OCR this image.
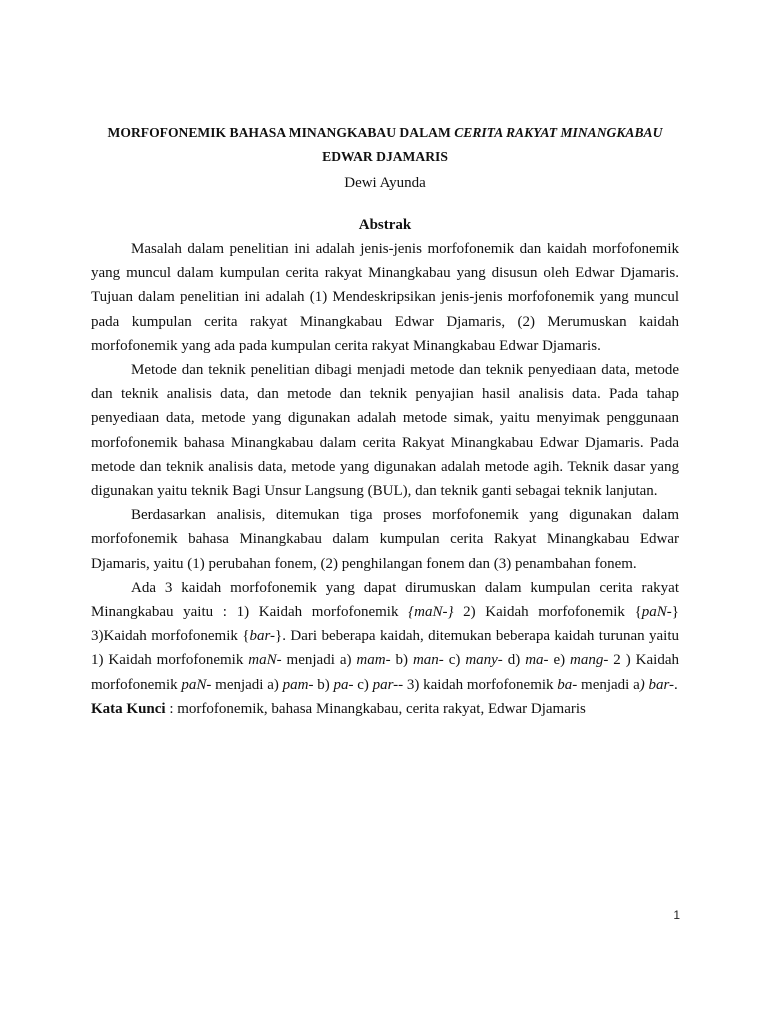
MORFOFONEMIK BAHASA MINANGKABAU DALAM CERITA RAKYAT MINANGKABAU
EDWAR DJAMARIS
Dewi Ayunda
Abstrak

Masalah dalam penelitian ini adalah jenis-jenis morfofonemik dan kaidah morfofonemik yang muncul dalam kumpulan cerita rakyat Minangkabau yang disusun oleh Edwar Djamaris. Tujuan dalam penelitian ini adalah (1) Mendeskripsikan jenis-jenis morfofonemik yang muncul pada kumpulan cerita rakyat Minangkabau Edwar Djamaris, (2) Merumuskan kaidah morfofonemik yang ada pada kumpulan cerita rakyat Minangkabau Edwar Djamaris.

Metode dan teknik penelitian dibagi menjadi metode dan teknik penyediaan data, metode dan teknik analisis data, dan metode dan teknik penyajian hasil analisis data. Pada tahap penyediaan data, metode yang digunakan adalah metode simak, yaitu menyimak penggunaan morfofonemik bahasa Minangkabau dalam cerita Rakyat Minangkabau Edwar Djamaris. Pada metode dan teknik analisis data, metode yang digunakan adalah metode agih. Teknik dasar yang digunakan yaitu teknik Bagi Unsur Langsung (BUL), dan teknik ganti sebagai teknik lanjutan.

Berdasarkan analisis, ditemukan tiga proses morfofonemik yang digunakan dalam morfofonemik bahasa Minangkabau dalam kumpulan cerita Rakyat Minangkabau Edwar Djamaris, yaitu (1) perubahan fonem, (2) penghilangan fonem dan (3) penambahan fonem.

Ada 3 kaidah morfofonemik yang dapat dirumuskan dalam kumpulan cerita rakyat Minangkabau yaitu : 1) Kaidah morfofonemik {maN-} 2) Kaidah morfofonemik {paN-} 3)Kaidah morfofonemik {bar-}. Dari beberapa kaidah, ditemukan beberapa kaidah turunan yaitu 1) Kaidah morfofonemik maN- menjadi a) mam- b) man- c) many- d) ma- e) mang- 2 ) Kaidah morfofonemik paN- menjadi a) pam- b) pa- c) par-- 3) kaidah morfofonemik ba- menjadi a) bar-.

Kata Kunci : morfofonemik, bahasa Minangkabau, cerita rakyat, Edwar Djamaris
1
